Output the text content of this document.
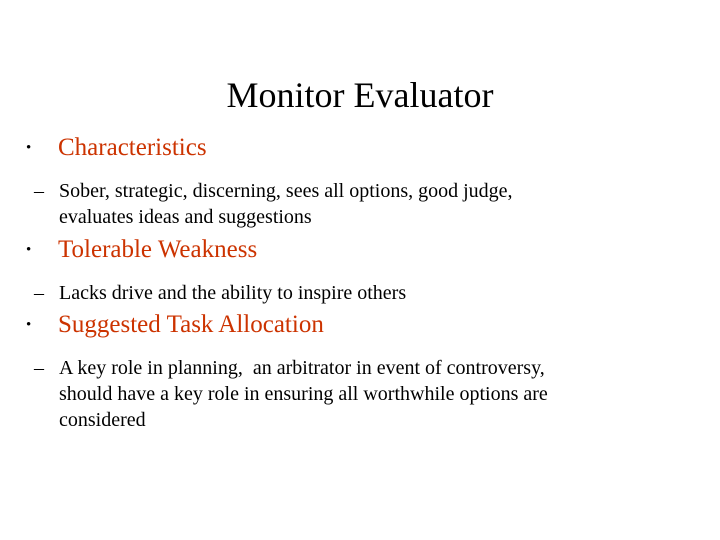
Monitor Evaluator
•	Characteristics
– Sober, strategic, discerning, sees all options, good judge,
evaluates ideas and suggestions
•	Tolerable Weakness
– Lacks drive and the ability to inspire others
•	Suggested Task Allocation
– A key role in planning,  an arbitrator in event of controversy,
should have a key role in ensuring all worthwhile options are
considered
